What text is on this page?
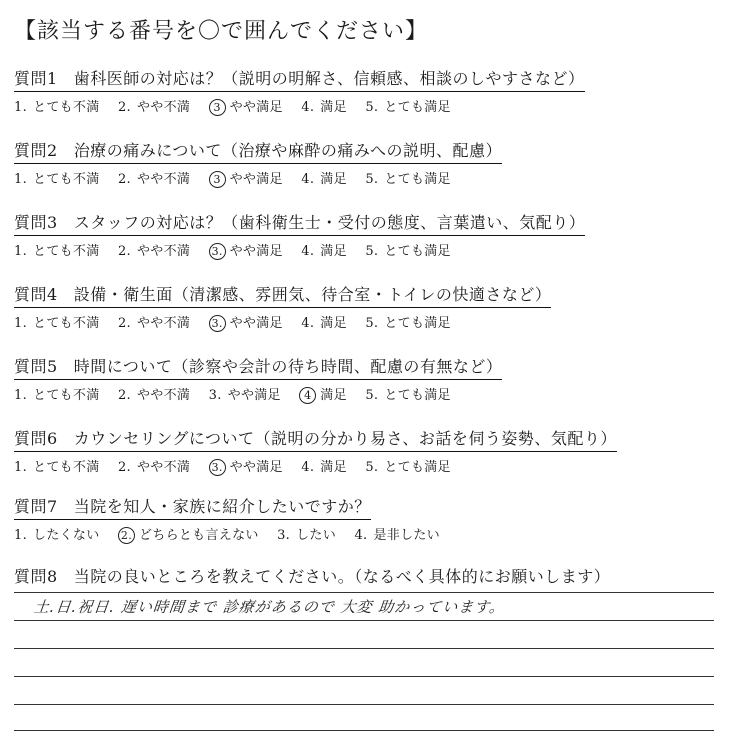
【該当する番号を〇で囲んでください】
質問1 歯科医師の対応は？（説明の明解さ、信頼感、相談のしやすさなど）
1. とても不満 2. やや不満 3 やや満足 4. 満足 5. とても満足
質問2 治療の痛みについて（治療や麻酔の痛みへの説明、配慮）
1. とても不満 2. やや不満 3 やや満足 4. 満足 5. とても満足
質問3 スタッフの対応は？（歯科衛生士・受付の態度、言葉遣い、気配り）
1. とても不満 2. やや不満 3. やや満足 4. 満足 5. とても満足
質問4 設備・衛生面（清潔感、雰囲気、待合室・トイレの快適さなど）
1. とても不満 2. やや不満 3. やや満足 4. 満足 5. とても満足
質問5 時間について（診察や会計の待ち時間、配慮の有無など）
1. とても不満 2. やや不満 3. やや満足 4 満足 5. とても満足
質問6 カウンセリングについて（説明の分かり易さ、お話を伺う姿勢、気配り）
1. とても不満 2. やや不満 3. やや満足 4. 満足 5. とても満足
質問7 当院を知人・家族に紹介したいですか？
1. したくない 2. どちらとも言えない 3. したい 4. 是非したい
質問8 当院の良いところを教えてください。（なるべく具体的にお願いします）
土.日.祝日. 遅い時間まで 診療があるので 大変 助かっています。
